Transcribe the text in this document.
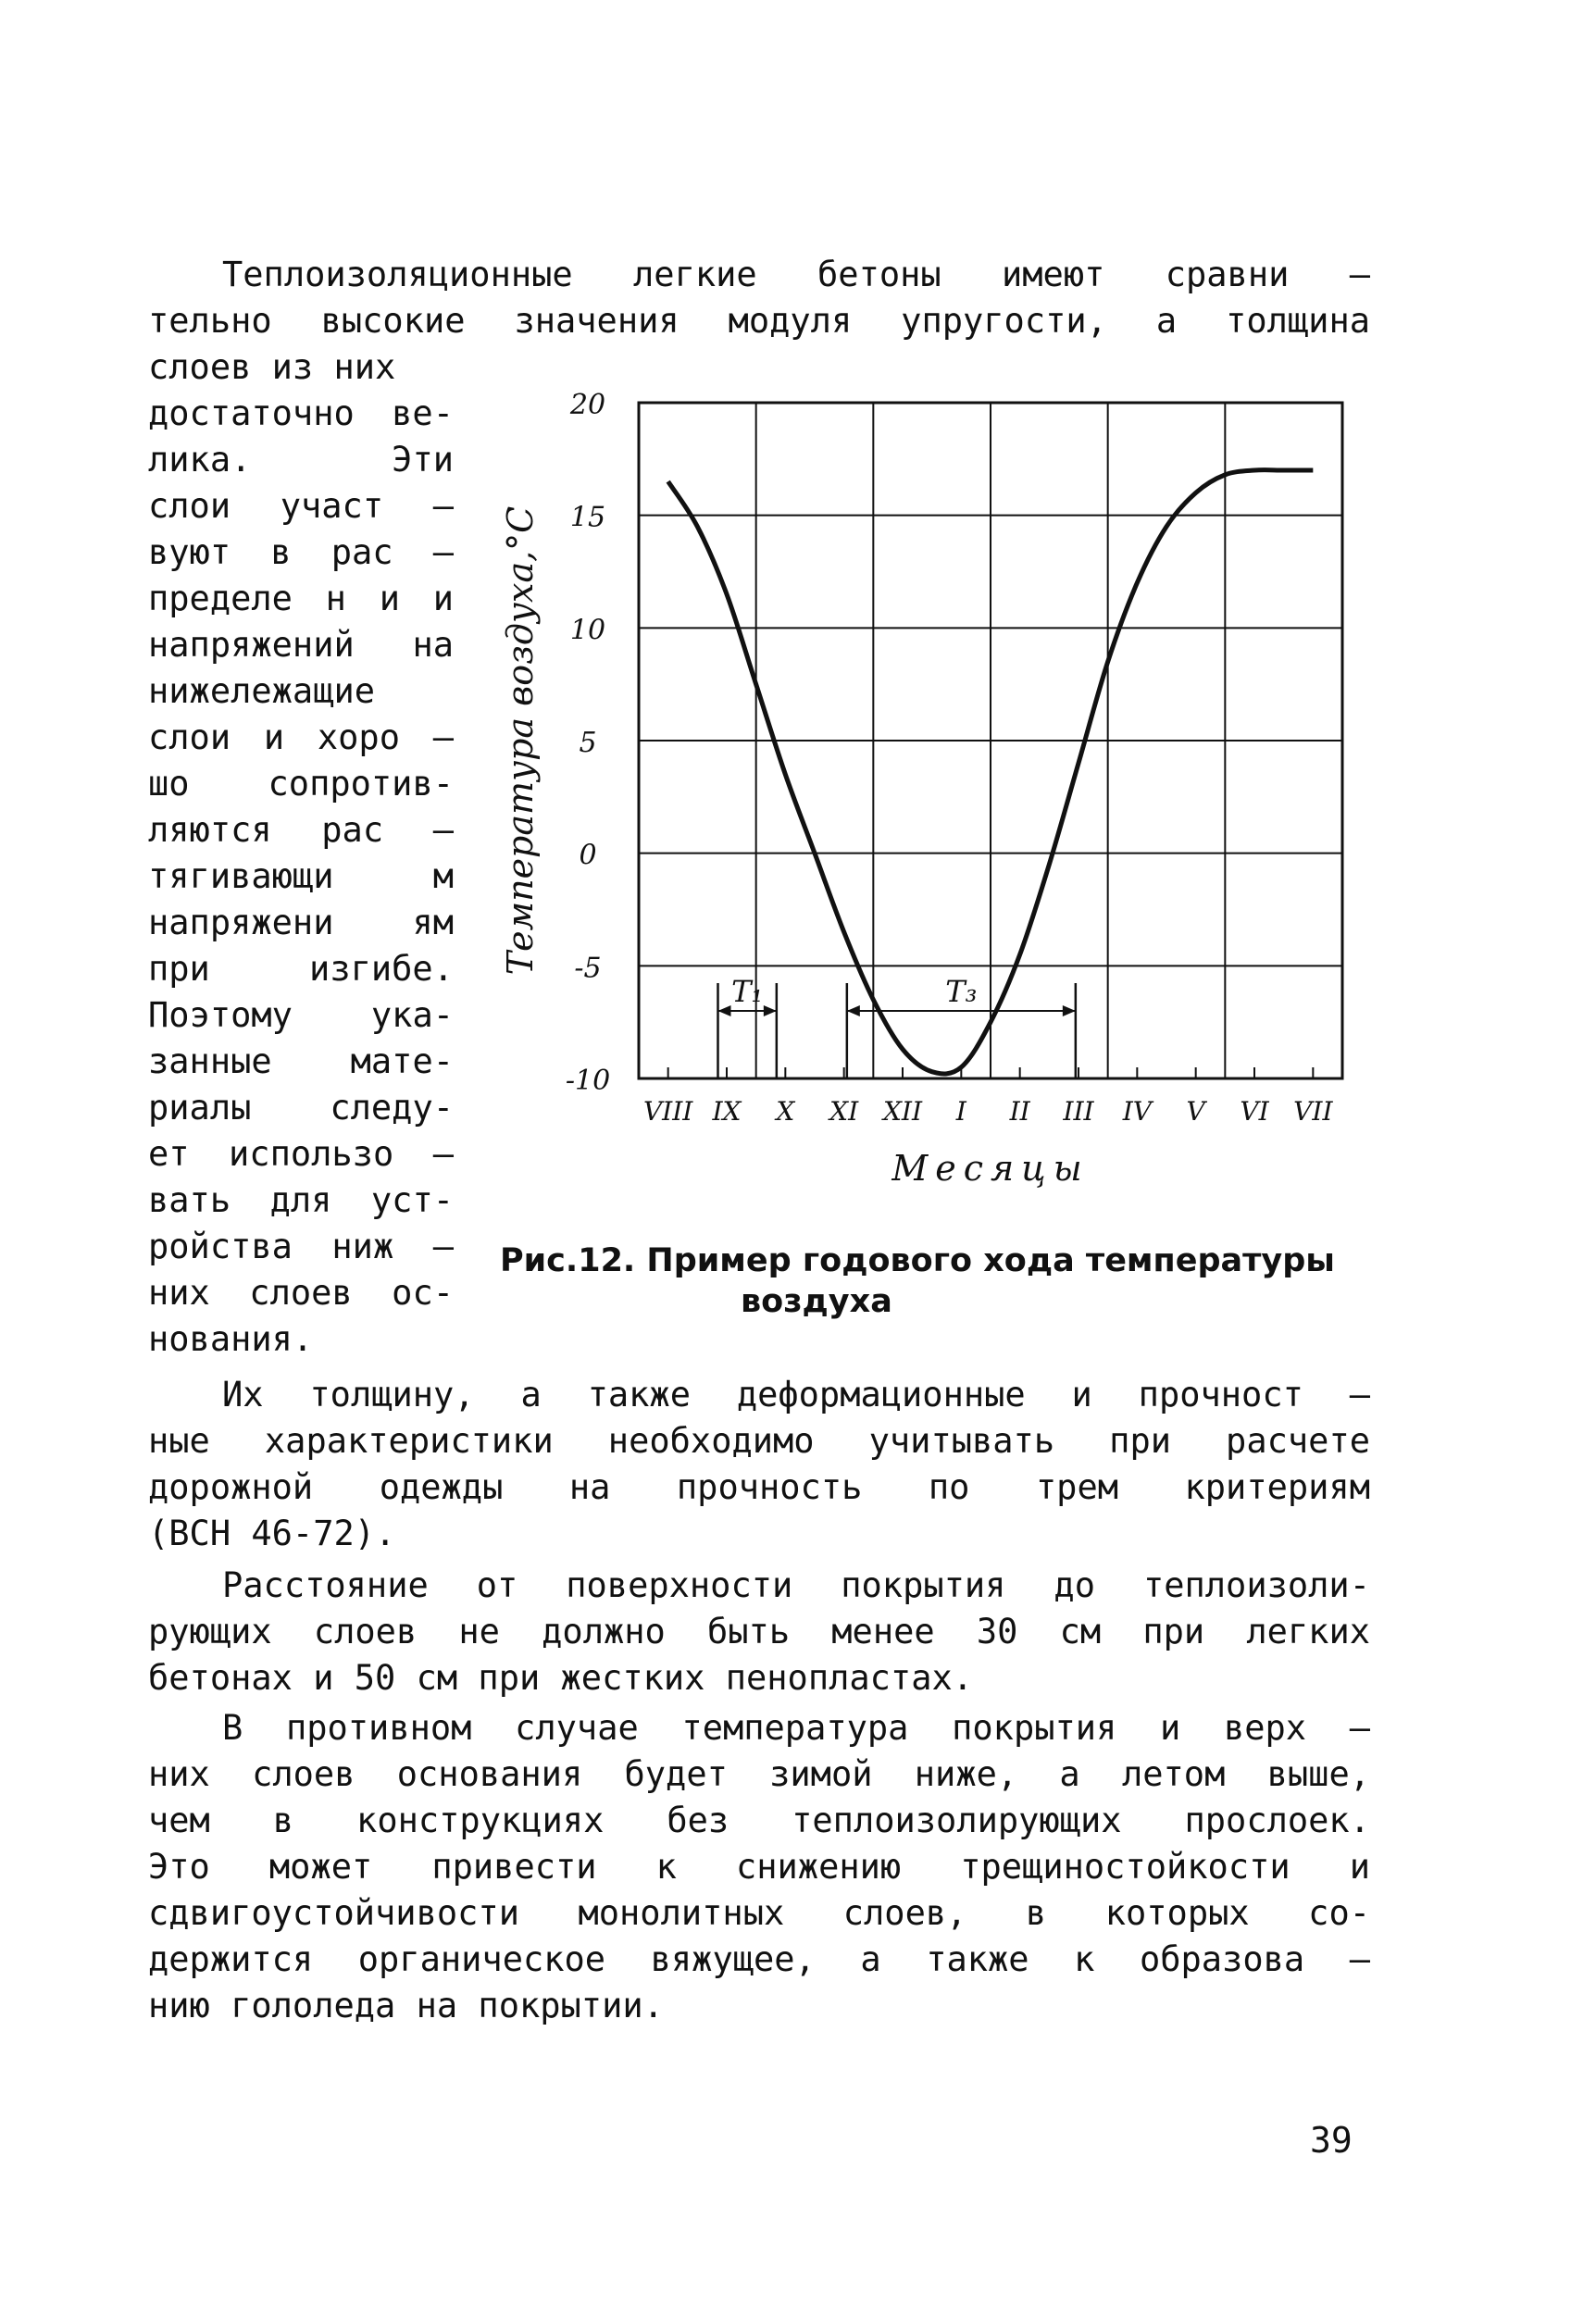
Теплоизоляционные легкие бетоны имеют сравни –
тельно высокие значения модуля упругости, а толщина
слоев из них
достаточно ве-
лика. Эти
слои участ –
вуют в рас –
пределе н и и
напряжений на
нижележащие
слои и хоро –
шо сопротив-
ляются рас –
тягивающи м
напряжени ям
при изгибе.
Поэтому ука-
занные мате-
риалы следу-
ет использо –
вать для уст-
ройства ниж –
них слоев ос-
нования.
20
15
10
5
0
-5
-10
VIII IX X XI XII I II III IV V VI VII
T₁	T₃
Температура воздуха,°С
Месяцы
Рис.12. Пример годового хода температуры
воздуха
Их толщину, а также деформационные и прочност –
ные характеристики необходимо учитывать при расчете
дорожной одежды на прочность по трем критериям
(ВСН 46-72).
Расстояние от поверхности покрытия до теплоизоли-
рующих слоев не должно быть менее 30 см при легких
бетонах и 50 см при жестких пенопластах.
В противном случае температура покрытия и верх –
них слоев основания будет зимой ниже, а летом выше,
чем в конструкциях без теплоизолирующих прослоек.
Это может привести к снижению трещиностойкости и
сдвигоустойчивости монолитных слоев, в которых со-
держится органическое вяжущее, а также к образова –
нию гололеда на покрытии.
39
